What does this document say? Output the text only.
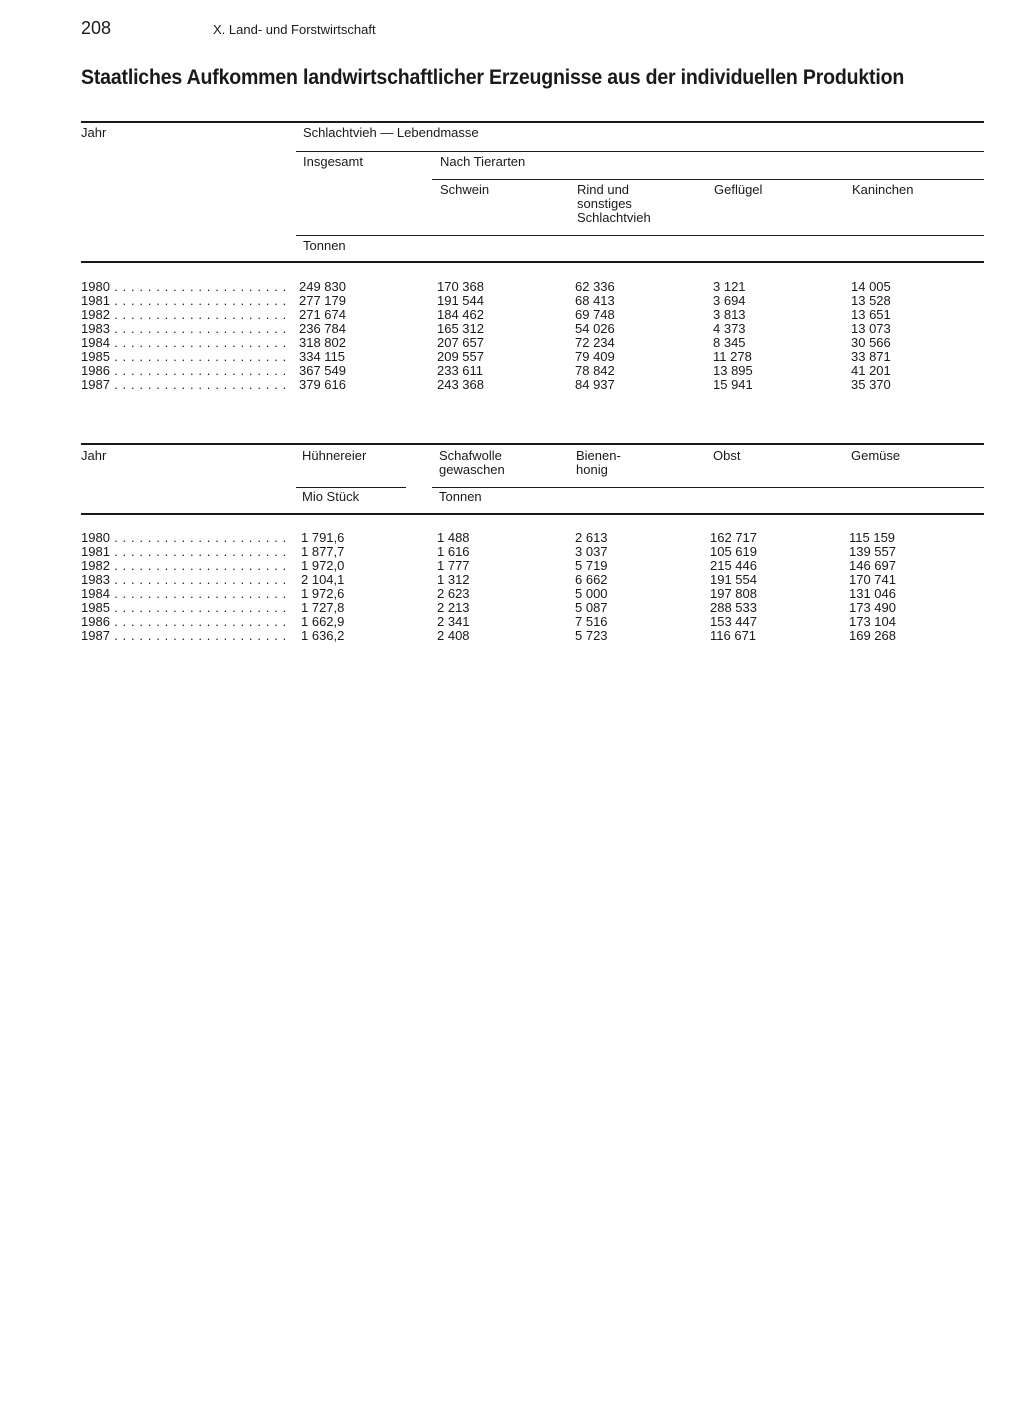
208	X. Land- und Forstwirtschaft
Staatliches Aufkommen landwirtschaftlicher Erzeugnisse aus der individuellen Produktion
Jahr	Schlachtvieh — Lebendmasse
Insgesamt	Nach Tierarten
Schwein	Rind und
sonstiges
Schlachtvieh
Geflügel	Kaninchen
Tonnen
1980 . . .	249 830	170 368	62 336	3 121	14 005
1981 . . .	277 179	191 544	68 413	3 694	13 528
1982 . . .	271 674	184 462	69 748	3 813	13 651
1983 . . .	236 784	165 312	54 026	4 373	13 073
1984 . . .	318 802	207 657	72 234	8 345	30 566
1985 . . .	334 115	209 557	79 409	11 278	33 871
1986 . . .	367 549	233 611	78 842	13 895	41 201
1987 . . .	379 616	243 368	84 937	15 941	35 370
Jahr	Hühnereier	Schafwolle
gewaschen
Bienen-
honig
Obst	Gemüse
Mio Stück	Tonnen
1980 . . .	1 791,6	1 488	2 613	162 717	115 159
1981 . . .	1 877,7	1 616	3 037	105 619	139 557
1982 . . .	1 972,0	1 777	5 719	215 446	146 697
1983 . . .	2 104,1	1 312	6 662	191 554	170 741
1984 . . .	1 972,6	2 623	5 000	197 808	131 046
1985 . . .	1 727,8	2 213	5 087	288 533	173 490
1986 . . .	1 662,9	2 341	7 516	153 447	173 104
1987 . . .	1 636,2	2 408	5 723	116 671	169 268
